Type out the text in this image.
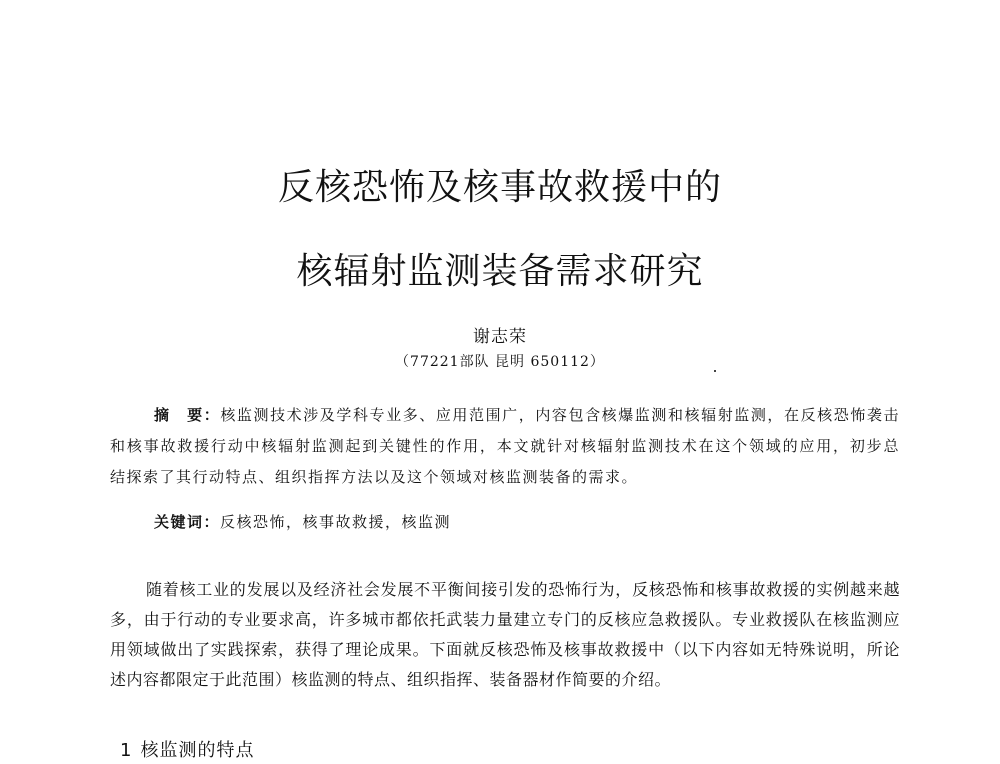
反核恐怖及核事故救援中的
核辐射监测装备需求研究
谢志荣
（77221部队 昆明 650112）
摘　要：核监测技术涉及学科专业多、应用范围广，内容包含核爆监测和核辐射监测，在反核恐怖袭击和核事故救援行动中核辐射监测起到关键性的作用，本文就针对核辐射监测技术在这个领域的应用，初步总结探索了其行动特点、组织指挥方法以及这个领域对核监测装备的需求。
关键词：反核恐怖，核事故救援，核监测
随着核工业的发展以及经济社会发展不平衡间接引发的恐怖行为，反核恐怖和核事故救援的实例越来越多，由于行动的专业要求高，许多城市都依托武装力量建立专门的反核应急救援队。专业救援队在核监测应用领域做出了实践探索，获得了理论成果。下面就反核恐怖及核事故救援中（以下内容如无特殊说明，所论述内容都限定于此范围）核监测的特点、组织指挥、装备器材作简要的介绍。
1 核监测的特点
